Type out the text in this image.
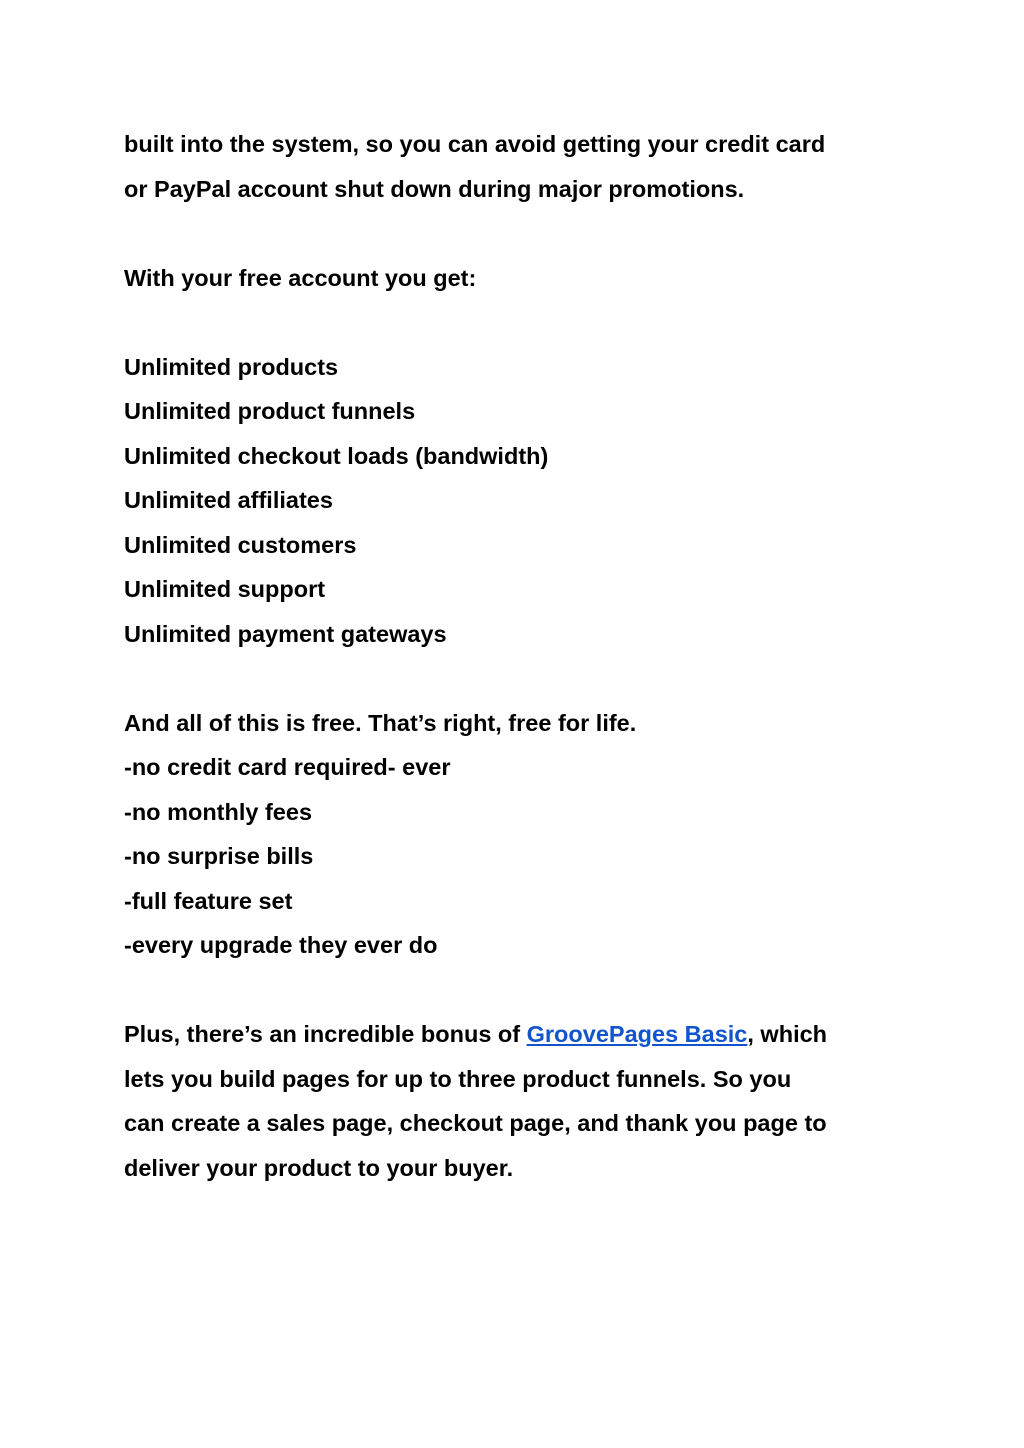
built into the system, so you can avoid getting your credit card

or PayPal account shut down during major promotions.

With your free account you get:

Unlimited products

Unlimited product funnels

Unlimited checkout loads (bandwidth)

Unlimited affiliates

Unlimited customers

Unlimited support

Unlimited payment gateways

And all of this is free. That’s right, free for life.

-no credit card required- ever

-no monthly fees

-no surprise bills

-full feature set

-every upgrade they ever do

Plus, there’s an incredible bonus of GroovePages Basic, which

lets you build pages for up to three product funnels. So you

can create a sales page, checkout page, and thank you page to

deliver your product to your buyer.
